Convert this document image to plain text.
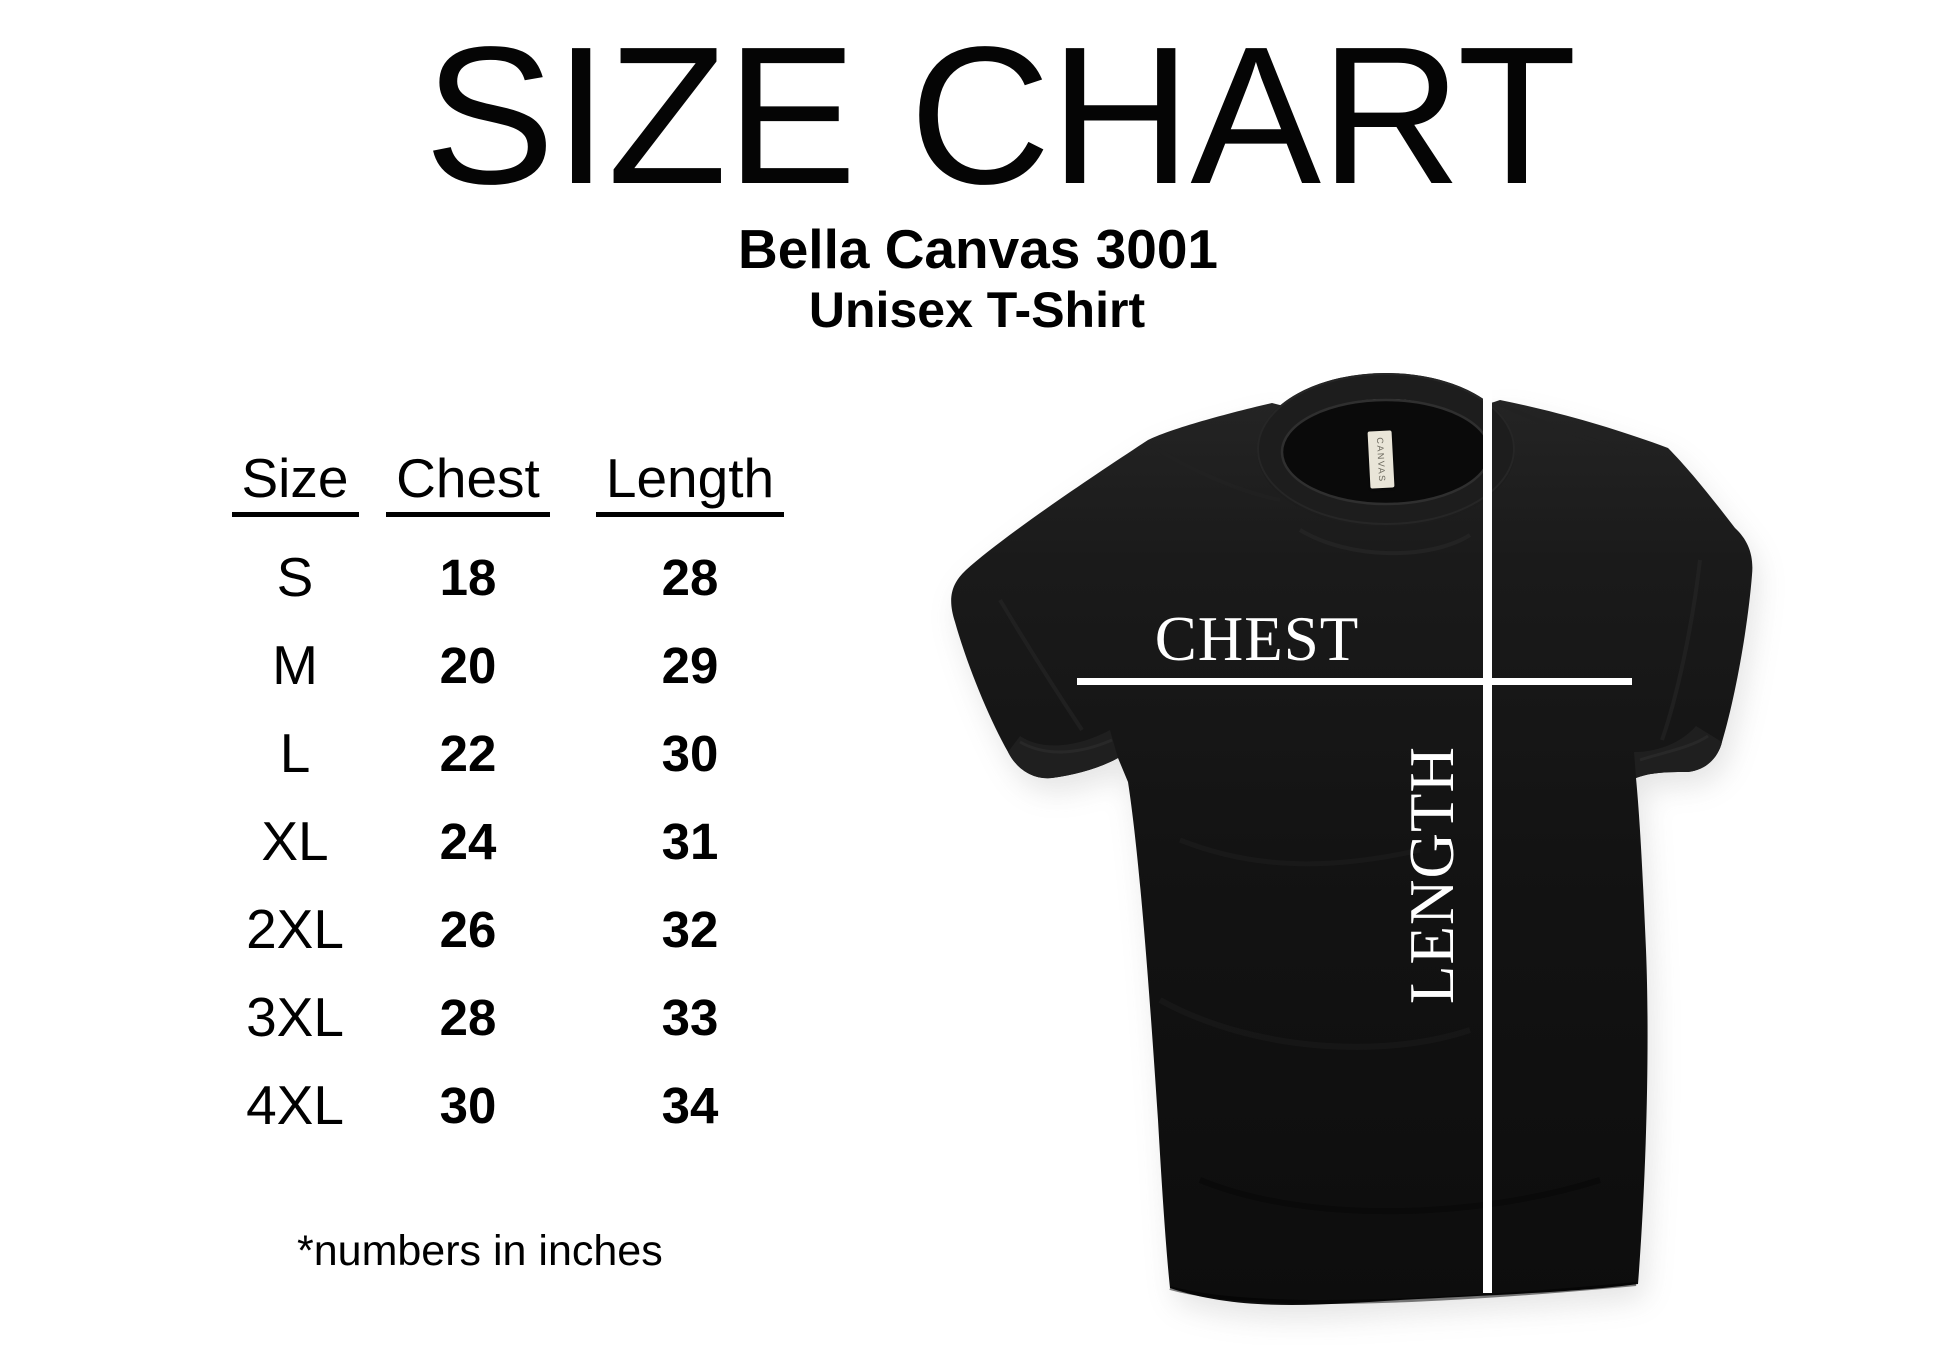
SIZE CHART
Bella Canvas 3001
Unisex T-Shirt
Size Chest Length
S	18	28
M	20	29
L	22	30
XL	24	31
2XL	26	32
3XL	28	33
4XL	30	34
*numbers in inches
CANVAS
CHEST
LENGTH
